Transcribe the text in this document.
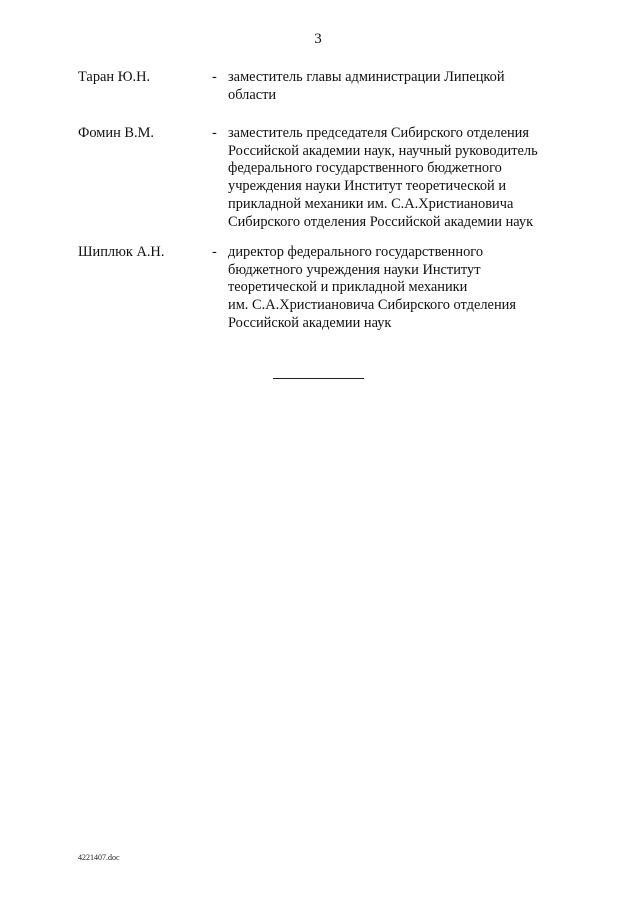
3
Таран Ю.Н.	- заместитель главы администрации Липецкой
области
Фомин В.М.	- заместитель председателя Сибирского отделения
Российской академии наук, научный руководитель
федерального государственного бюджетного
учреждения науки Институт теоретической и
прикладной механики им. С.А.Христиановича
Сибирского отделения Российской академии наук
Шиплюк А.Н.	- директор федерального государственного
бюджетного учреждения науки Институт
теоретической и прикладной механики
им. С.А.Христиановича Сибирского отделения
Российской академии наук
4221407.doc
